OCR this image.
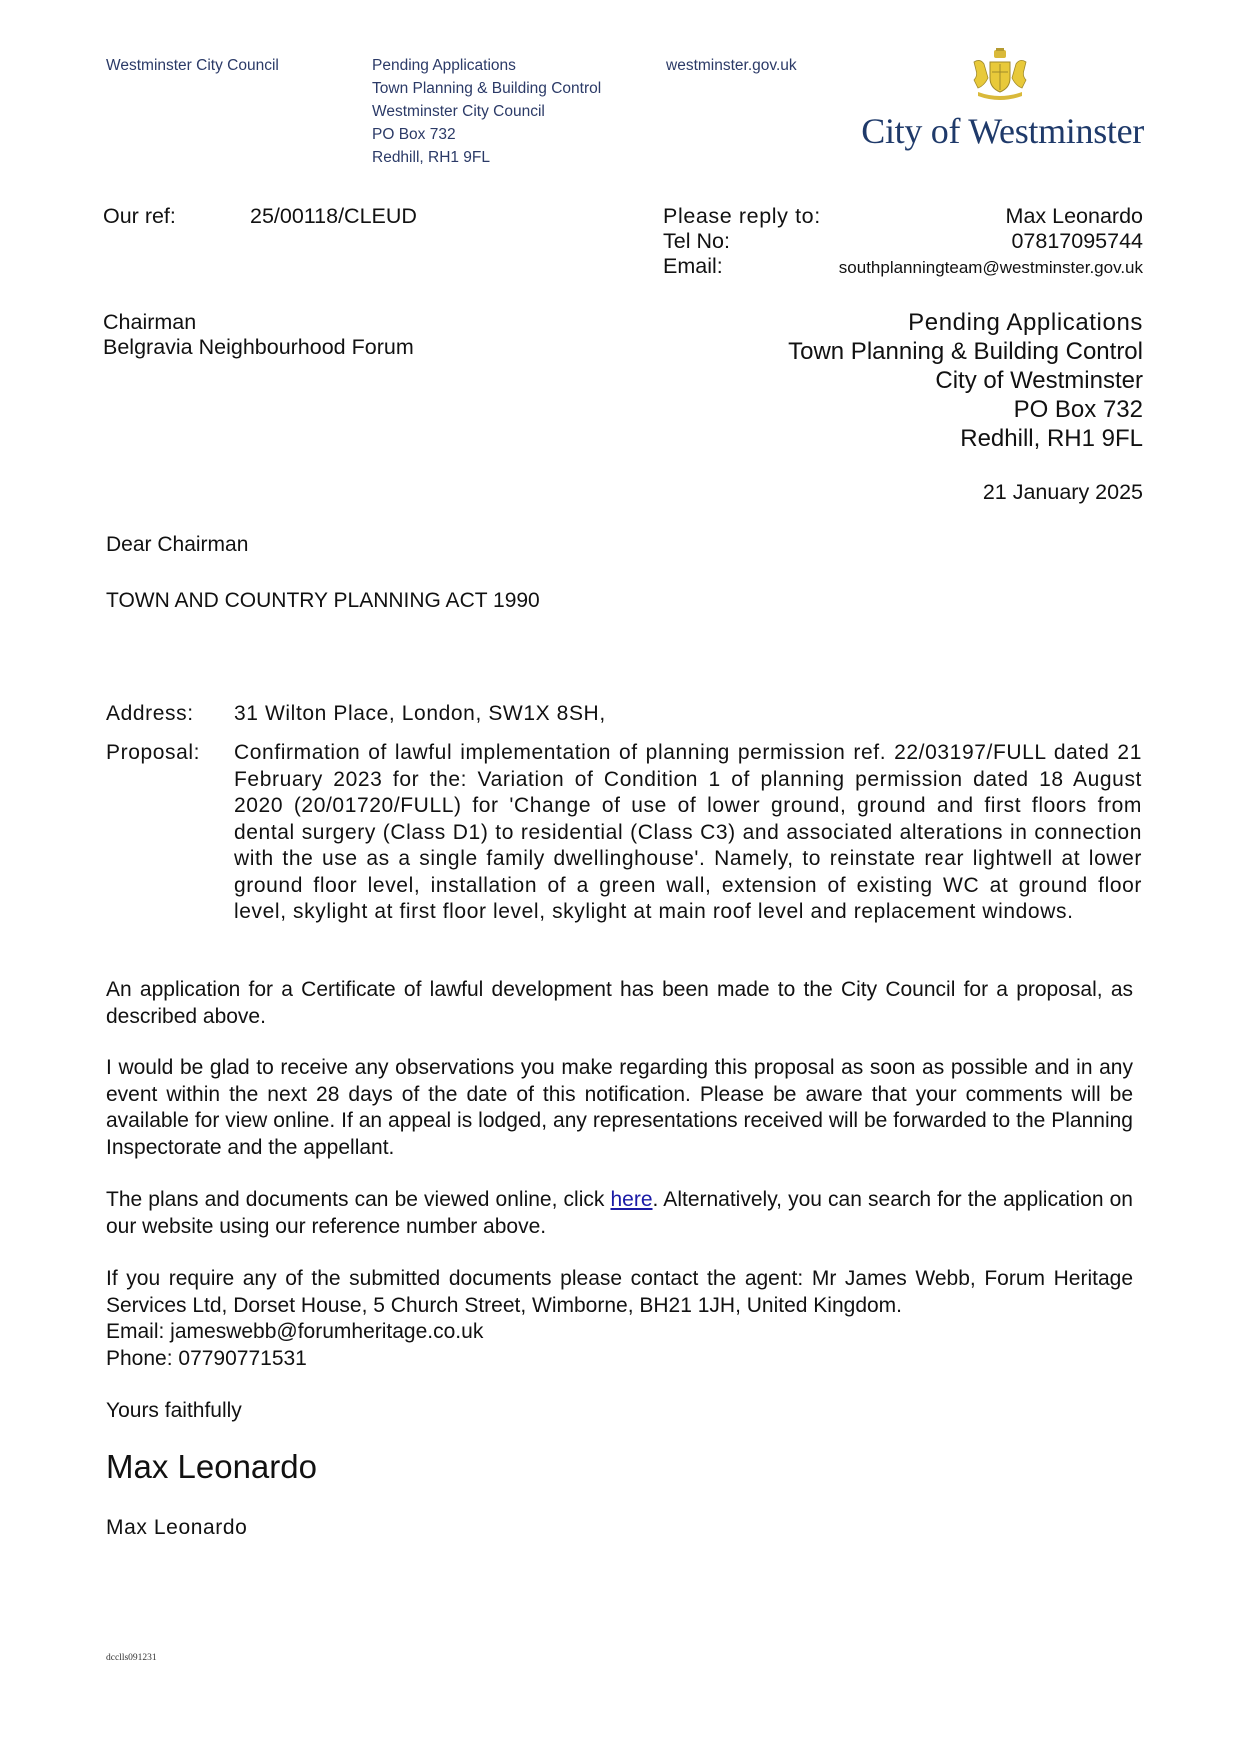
Westminster City Council	Pending Applications
Town Planning & Building Control
Westminster City Council
PO Box 732
Redhill, RH1 9FL
westminster.gov.uk
City of Westminster
Our ref:	25/00118/CLEUD	Please reply to:	Max Leonardo
Tel No:	07817095744
Email:	southplanningteam@westminster.gov.uk
Chairman
Belgravia Neighbourhood Forum
Pending Applications
Town Planning & Building Control
City of Westminster
PO Box 732
Redhill, RH1 9FL
21 January 2025
Dear Chairman
TOWN AND COUNTRY PLANNING ACT 1990
Address:	31 Wilton Place, London, SW1X 8SH,
Proposal:	Confirmation of lawful implementation of planning permission ref. 22/03197/FULL dated 21 February 2023 for the: Variation of Condition 1 of planning permission dated 18 August 2020 (20/01720/FULL) for 'Change of use of lower ground, ground and first floors from dental surgery (Class D1) to residential (Class C3) and associated alterations in connection with the use as a single family dwellinghouse'. Namely, to reinstate rear lightwell at lower ground floor level, installation of a green wall, extension of existing WC at ground floor level, skylight at first floor level, skylight at main roof level and replacement windows.
An application for a Certificate of lawful development has been made to the City Council for a proposal, as described above.
I would be glad to receive any observations you make regarding this proposal as soon as possible and in any event within the next 28 days of the date of this notification. Please be aware that your comments will be available for view online. If an appeal is lodged, any representations received will be forwarded to the Planning Inspectorate and the appellant.
The plans and documents can be viewed online, click here. Alternatively, you can search for the application on our website using our reference number above.
If you require any of the submitted documents please contact the agent: Mr James Webb, Forum Heritage Services Ltd, Dorset House, 5 Church Street, Wimborne, BH21 1JH, United Kingdom.
Email: jameswebb@forumheritage.co.uk
Phone: 07790771531
Yours faithfully
Max Leonardo
Max Leonardo
dcclls091231
